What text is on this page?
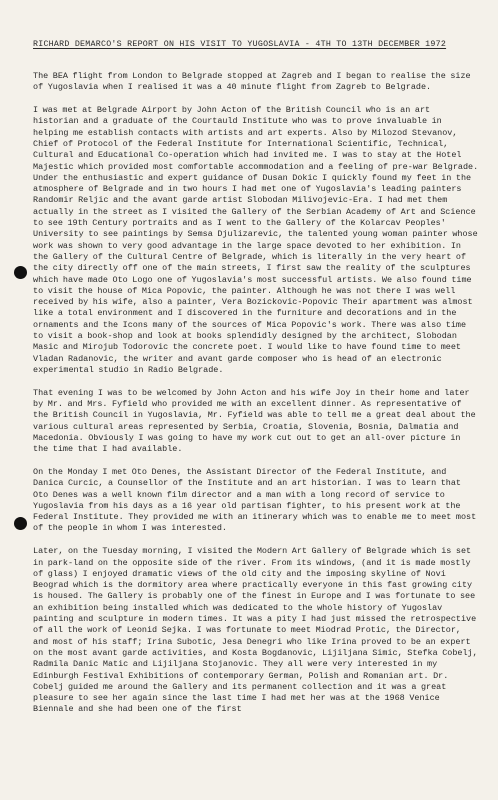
RICHARD DEMARCO'S REPORT ON HIS VISIT TO YUGOSLAVIA - 4TH TO 13TH DECEMBER 1972

The BEA flight from London to Belgrade stopped at Zagreb and I began to realise the size of Yugoslavia when I realised it was a 40 minute flight from Zagreb to Belgrade.

I was met at Belgrade Airport by John Acton of the British Council who is an art historian and a graduate of the Courtauld Institute who was to prove invaluable in helping me establish contacts with artists and art experts. Also by Milozod Stevanov, Chief of Protocol of the Federal Institute for International Scientific, Technical, Cultural and Educational Co-operation which had invited me. I was to stay at the Hotel Majestic which provided most comfortable accommodation and a feeling of pre-war Belgrade. Under the enthusiastic and expert guidance of Dusan Dokic I quickly found my feet in the atmosphere of Belgrade and in two hours I had met one of Yugoslavia's leading painters Randomir Reljic and the avant garde artist Slobodan Milivojevic-Era. I had met them actually in the street as I visited the Gallery of the Serbian Academy of Art and Science to see 19th Century portraits and as I went to the Gallery of the Kolarcav Peoples' University to see paintings by Semsa Djulizarevic, the talented young woman painter whose work was shown to very good advantage in the large space devoted to her exhibition. In the Gallery of the Cultural Centre of Belgrade, which is literally in the very heart of the city directly off one of the main streets, I first saw the reality of the sculptures which have made Oto Logo one of Yugoslavia's most successful artists. We also found time to visit the house of Mica Popovic, the painter. Although he was not there I was well received by his wife, also a painter, Vera Bozickovic-Popovic Their apartment was almost like a total environment and I discovered in the furniture and decorations and in the ornaments and the Icons many of the sources of Mica Popovic's work. There was also time to visit a book-shop and look at books splendidly designed by the architect, Slobodan Masic and Mirojub Todorovic the concrete poet. I would like to have found time to meet Vladan Radanovic, the writer and avant garde composer who is head of an electronic experimental studio in Radio Belgrade.

That evening I was to be welcomed by John Acton and his wife Joy in their home and later by Mr. and Mrs. Fyfield who provided me with an excellent dinner. As representative of the British Council in Yugoslavia, Mr. Fyfield was able to tell me a great deal about the various cultural areas represented by Serbia, Croatia, Slovenia, Bosnia, Dalmatia and Macedonia. Obviously I was going to have my work cut out to get an all-over picture in the time that I had available.

On the Monday I met Oto Denes, the Assistant Director of the Federal Institute, and Danica Curcic, a Counsellor of the Institute and an art historian. I was to learn that Oto Denes was a well known film director and a man with a long record of service to Yugoslavia from his days as a 16 year old partisan fighter, to his present work at the Federal Institute. They provided me with an itinerary which was to enable me to meet most of the people in whom I was interested.

Later, on the Tuesday morning, I visited the Modern Art Gallery of Belgrade which is set in park-land on the opposite side of the river. From its windows, (and it is made mostly of glass) I enjoyed dramatic views of the old city and the imposing skyline of Novi Beograd which is the dormitory area where practically everyone in this fast growing city is housed. The Gallery is probably one of the finest in Europe and I was fortunate to see an exhibition being installed which was dedicated to the whole history of Yugoslav painting and sculpture in modern times. It was a pity I had just missed the retrospective of all the work of Leonid Sejka. I was fortunate to meet Miodrad Protic, the Director, and most of his staff; Irina Subotic, Jesa Denegri who like Irina proved to be an expert on the most avant garde activities, and Kosta Bogdanovic, Lijiljana Simic, Stefka Cobelj, Radmila Danic Matic and Lijiljana Stojanovic. They all were very interested in my Edinburgh Festival Exhibitions of contemporary German, Polish and Romanian art. Dr. Cobelj guided me around the Gallery and its permanent collection and it was a great pleasure to see her again since the last time I had met her was at the 1968 Venice Biennale and she had been one of the first
